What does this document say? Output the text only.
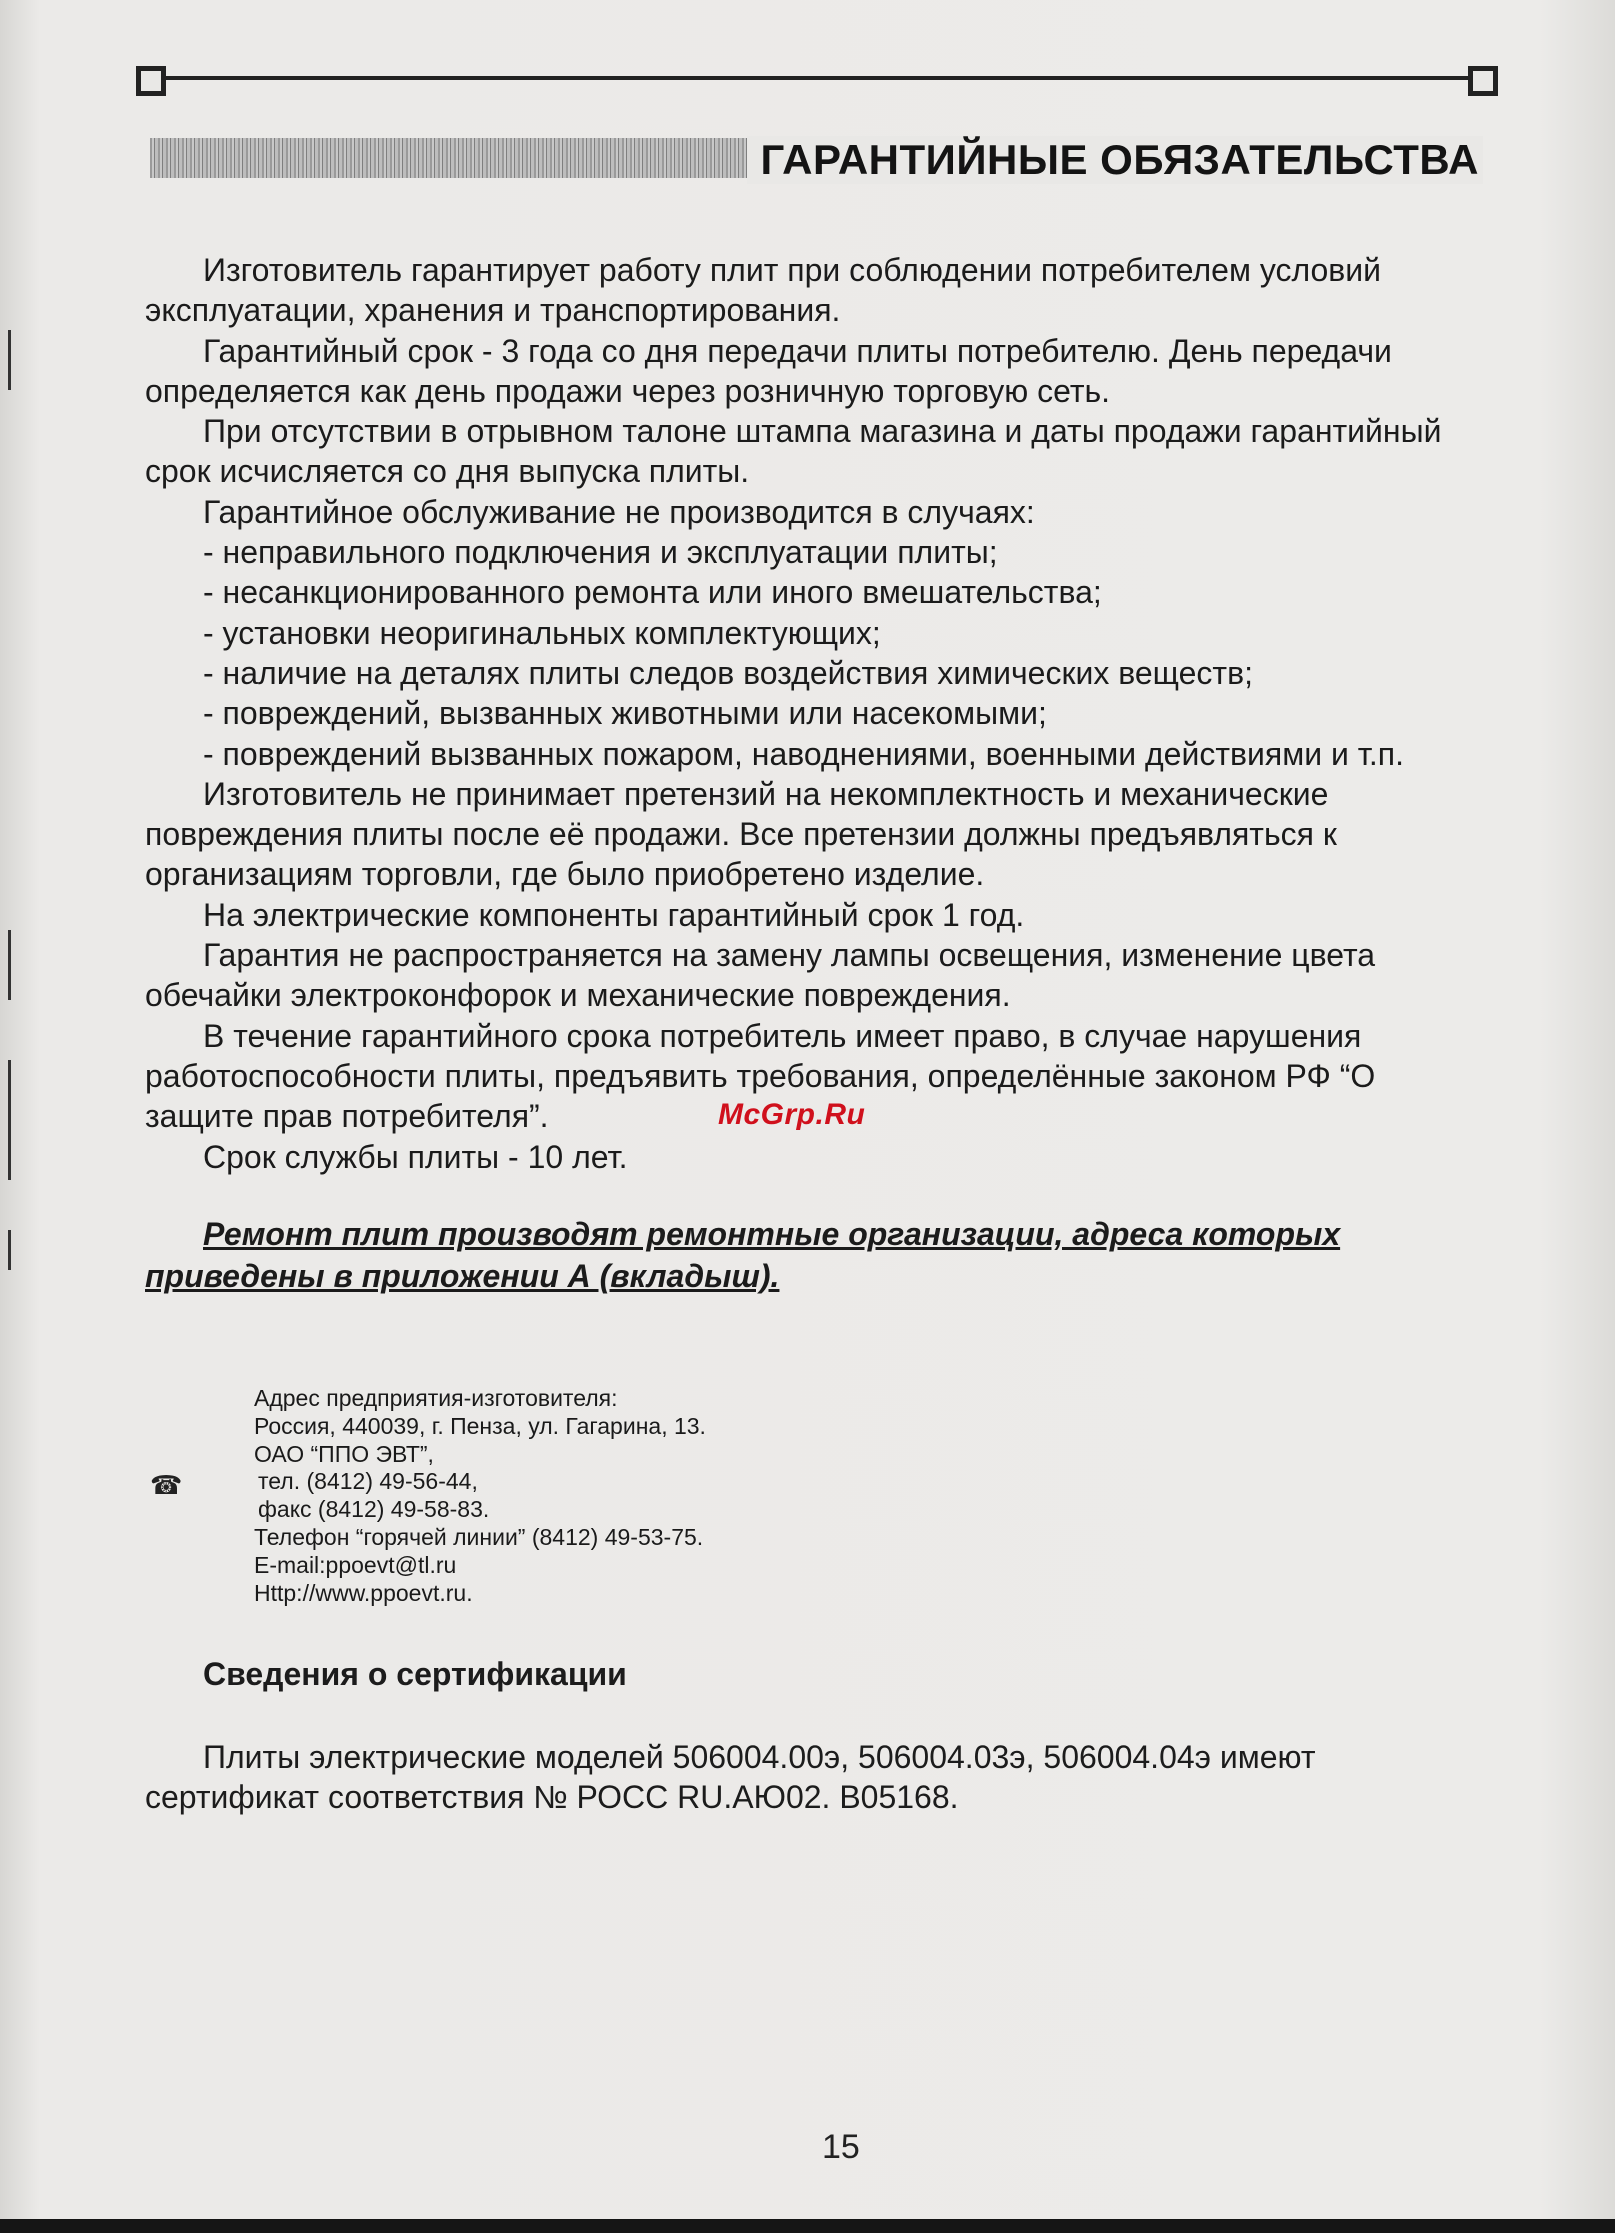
ГАРАНТИЙНЫЕ ОБЯЗАТЕЛЬСТВА

Изготовитель гарантирует работу плит при соблюдении потребителем условий эксплуатации, хранения и транспортирования.

Гарантийный срок - 3 года со дня передачи плиты потребителю. День передачи определяется как день продажи через розничную торговую сеть.

При отсутствии в отрывном талоне штампа магазина и даты продажи гарантийный срок исчисляется со дня выпуска плиты.

Гарантийное обслуживание не производится в случаях:

- неправильного подключения и эксплуатации плиты;

- несанкционированного ремонта или иного вмешательства;

- установки неоригинальных комплектующих;

- наличие на деталях плиты следов воздействия химических веществ;

- повреждений, вызванных животными или насекомыми;

- повреждений вызванных пожаром, наводнениями, военными действиями и т.п.

Изготовитель не принимает претензий на некомплектность и механические повреждения плиты после её продажи. Все претензии должны предъявляться к организациям торговли, где было приобретено изделие.

На электрические компоненты гарантийный срок 1 год.

Гарантия не распространяется на замену лампы освещения, изменение цвета обечайки электроконфорок и механические повреждения.

В течение гарантийного срока потребитель имеет право, в случае нарушения работоспособности плиты, предъявить требования, определённые законом РФ “О защите прав потребителя”.

Срок службы плиты - 10 лет.

Ремонт плит производят ремонтные организации, адреса которых приведены в приложении А (вкладыш).

☎
Адрес предприятия-изготовителя:
Россия, 440039, г. Пенза, ул. Гагарина, 13.
ОАО “ППО ЭВТ”,
тел. (8412) 49-56-44,
факс (8412) 49-58-83.
Телефон “горячей линии” (8412) 49-53-75.
E-mail:ppoevt@tl.ru
Http://www.ppoevt.ru.
Сведения о сертификации

Плиты электрические моделей 506004.00э, 506004.03э, 506004.04э имеют сертификат соответствия № РОСС RU.АЮ02. В05168.

McGrp.Ru
15
